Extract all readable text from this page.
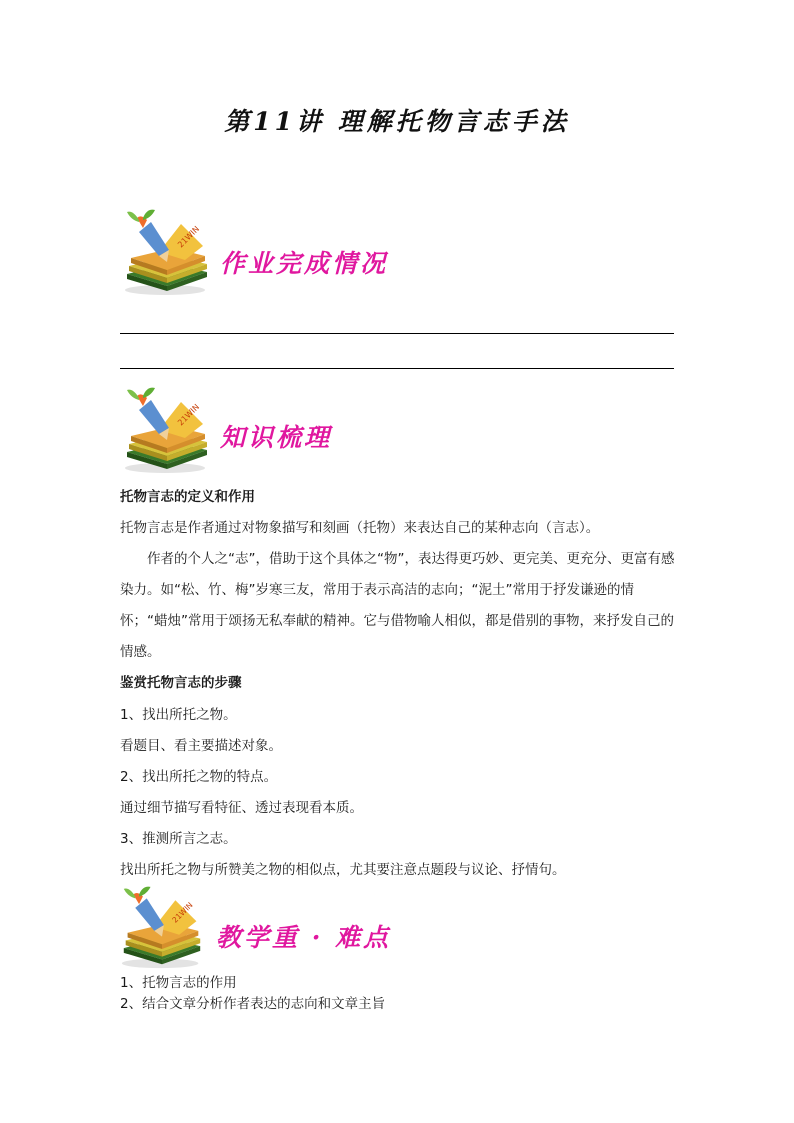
第11讲 理解托物言志手法
作业完成情况
知识梳理
托物言志的定义和作用
托物言志是作者通过对物象描写和刻画（托物）来表达自己的某种志向（言志）。

作者的个人之“志”，借助于这个具体之“物”，表达得更巧妙、更完美、更充分、更富有感染力。如“松、竹、梅”岁寒三友，常用于表示高洁的志向；“泥土”常用于抒发谦逊的情怀；“蜡烛”常用于颂扬无私奉献的精神。它与借物喻人相似，都是借别的事物，来抒发自己的情感。

鉴赏托物言志的步骤
1、找出所托之物。
看题目、看主要描述对象。
2、找出所托之物的特点。
通过细节描写看特征、透过表现看本质。
3、推测所言之志。
找出所托之物与所赞美之物的相似点，尤其要注意点题段与议论、抒情句。
教学重 · 难点
1、托物言志的作用
2、结合文章分析作者表达的志向和文章主旨
